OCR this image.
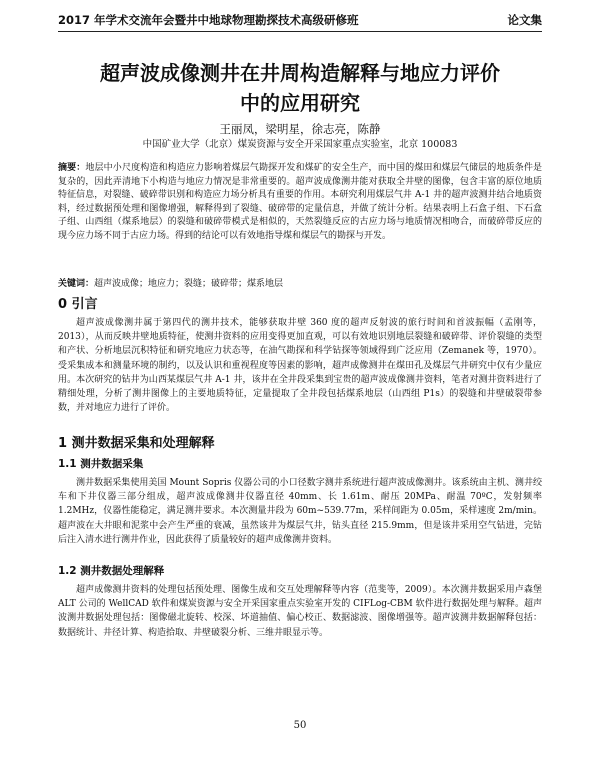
2017 年学术交流年会暨井中地球物理勘探技术高级研修班	论文集
超声波成像测井在井周构造解释与地应力评价
中的应用研究
王丽凤，梁明星，徐志亮，陈静
中国矿业大学（北京）煤炭资源与安全开采国家重点实验室，北京 100083
摘要：地层中小尺度构造和构造应力影响着煤层气勘探开发和煤矿的安全生产，而中国的煤田和煤层气储层的地质条件是复杂的，因此弄清地下小构造与地应力情况是非常重要的。超声波成像测井能对获取全井壁的图像，包含丰富的原位地质特征信息，对裂缝、破碎带识别和构造应力场分析具有重要的作用。本研究利用煤层气井 A-1 井的超声波测井结合地质资料，经过数据预处理和图像增强，解释得到了裂缝、破碎带的定量信息，并做了统计分析。结果表明上石盒子组、下石盒子组、山西组（煤系地层）的裂缝和破碎带模式是相似的，天然裂缝反应的古应力场与地质情况相吻合，而破碎带反应的现今应力场不同于古应力场。得到的结论可以有效地指导煤和煤层气的勘探与开发。
关键词：超声波成像；地应力；裂缝；破碎带；煤系地层
0 引言
超声波成像测井属于第四代的测井技术，能够获取井壁 360 度的超声反射波的旅行时间和首波振幅（孟刚等，2013），从而反映井壁地质特征，使测井资料的应用变得更加直观，可以有效地识别地层裂缝和破碎带、评价裂缝的类型和产状、分析地层沉积特征和研究地应力状态等，在油气勘探和科学钻探等领域得到广泛应用（Zemanek 等，1970）。受采集成本和测量环境的制约，以及认识和重视程度等因素的影响，超声成像测井在煤田孔及煤层气井研究中仅有少量应用。本次研究的钻井为山西某煤层气井 A-1 井，该井在全井段采集到宝贵的超声波成像测井资料，笔者对测井资料进行了精细处理，分析了测井图像上的主要地质特征，定量提取了全井段包括煤系地层（山西组 P1s）的裂缝和井壁破裂带参数，并对地应力进行了评价。
1 测井数据采集和处理解释
1.1 测井数据采集
测井数据采集使用美国 Mount Sopris 仪器公司的小口径数字测井系统进行超声波成像测井。该系统由主机、测井绞车和下井仪器三部分组成，超声波成像测井仪器直径 40mm、长 1.61m、耐压 20MPa、耐温 70ºC，发射频率 1.2MHz，仪器性能稳定，满足测井要求。本次测量井段为 60m~539.77m，采样间距为 0.05m，采样速度 2m/min。超声波在大井眼和泥浆中会产生严重的衰减，虽然该井为煤层气井，钻头直径 215.9mm，但是该井采用空气钻进，完钻后注入清水进行测井作业，因此获得了质量较好的超声成像测井资料。
1.2 测井数据处理解释
超声成像测井资料的处理包括预处理、图像生成和交互处理解释等内容（范斐等，2009）。本次测井数据采用卢森堡 ALT 公司的 WellCAD 软件和煤炭资源与安全开采国家重点实验室开发的 CIFLog-CBM 软件进行数据处理与解释。超声波测井数据处理包括：图像磁北旋转、校深、坏道抽值、偏心校正、数据滤波、图像增强等。超声波测井数据解释包括：数据统计、井径计算、构造拾取、井壁破裂分析、三维井眼显示等。
50
